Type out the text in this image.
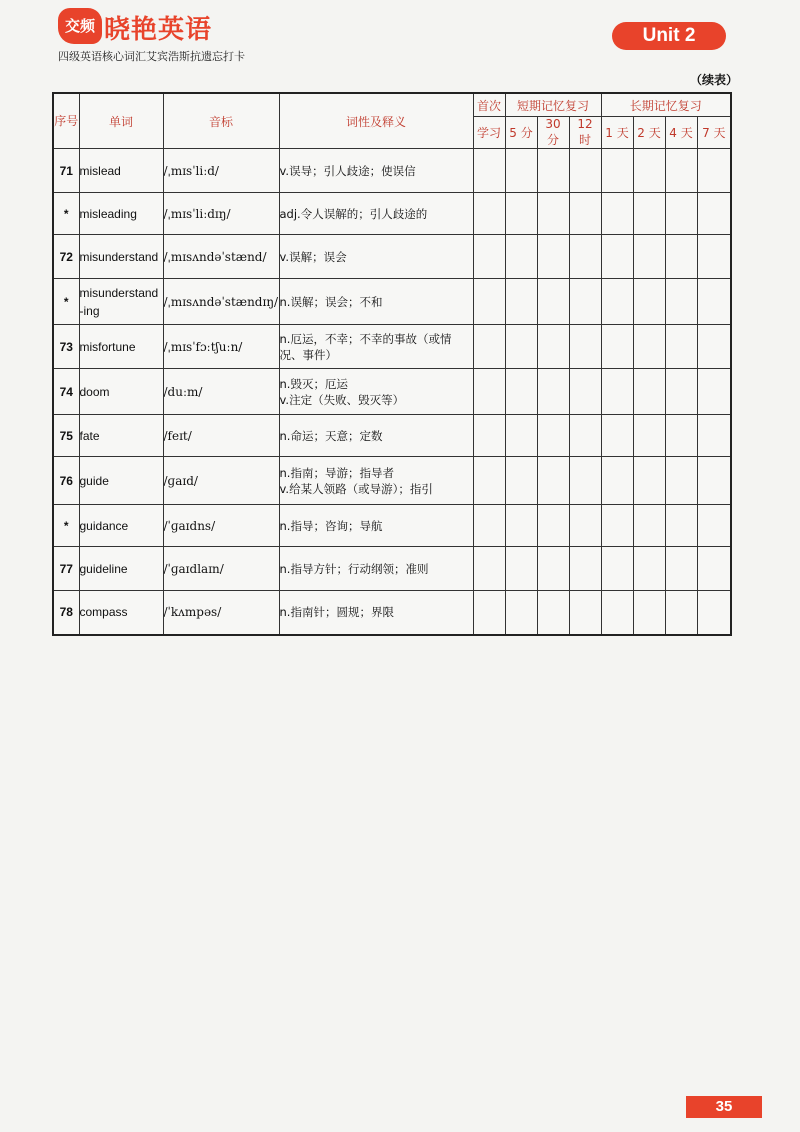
交频 晓艳英语
四级英语核心词汇艾宾浩斯抗遗忘打卡
Unit 2
（续表）
序号	单词	音标	词性及释义	首次	短期记忆复习			长期记忆复习			
				学习	5 分	30 分	12 时	1 天	2 天	4 天	7 天
71	mislead	/ˌmɪsˈliːd/	v.误导；引人歧途；使误信								

*	misleading	/ˌmɪsˈliːdɪŋ/	adj.令人误解的；引人歧途的								

72	misunderstand	/ˌmɪsʌndəˈstænd/	v.误解；误会								

*	misunderstand -ing	/ˌmɪsʌndəˈstændɪŋ/	n.误解；误会；不和								

73	misfortune	/ˌmɪsˈfɔːtʃuːn/	n.厄运，不幸；不幸的事故（或情
况、事件）								

74	doom	/duːm/	n.毁灭；厄运
v.注定（失败、毁灭等）								

75	fate	/feɪt/	n.命运；天意；定数								

76	guide	/ɡaɪd/	n.指南；导游；指导者
v.给某人领路（或导游）；指引								

*	guidance	/ˈɡaɪdns/	n.指导；咨询；导航								

77	guideline	/ˈɡaɪdlaɪn/	n.指导方针；行动纲领；准则								

78	compass	/ˈkʌmpəs/	n.指南针；圆规；界限								

35
